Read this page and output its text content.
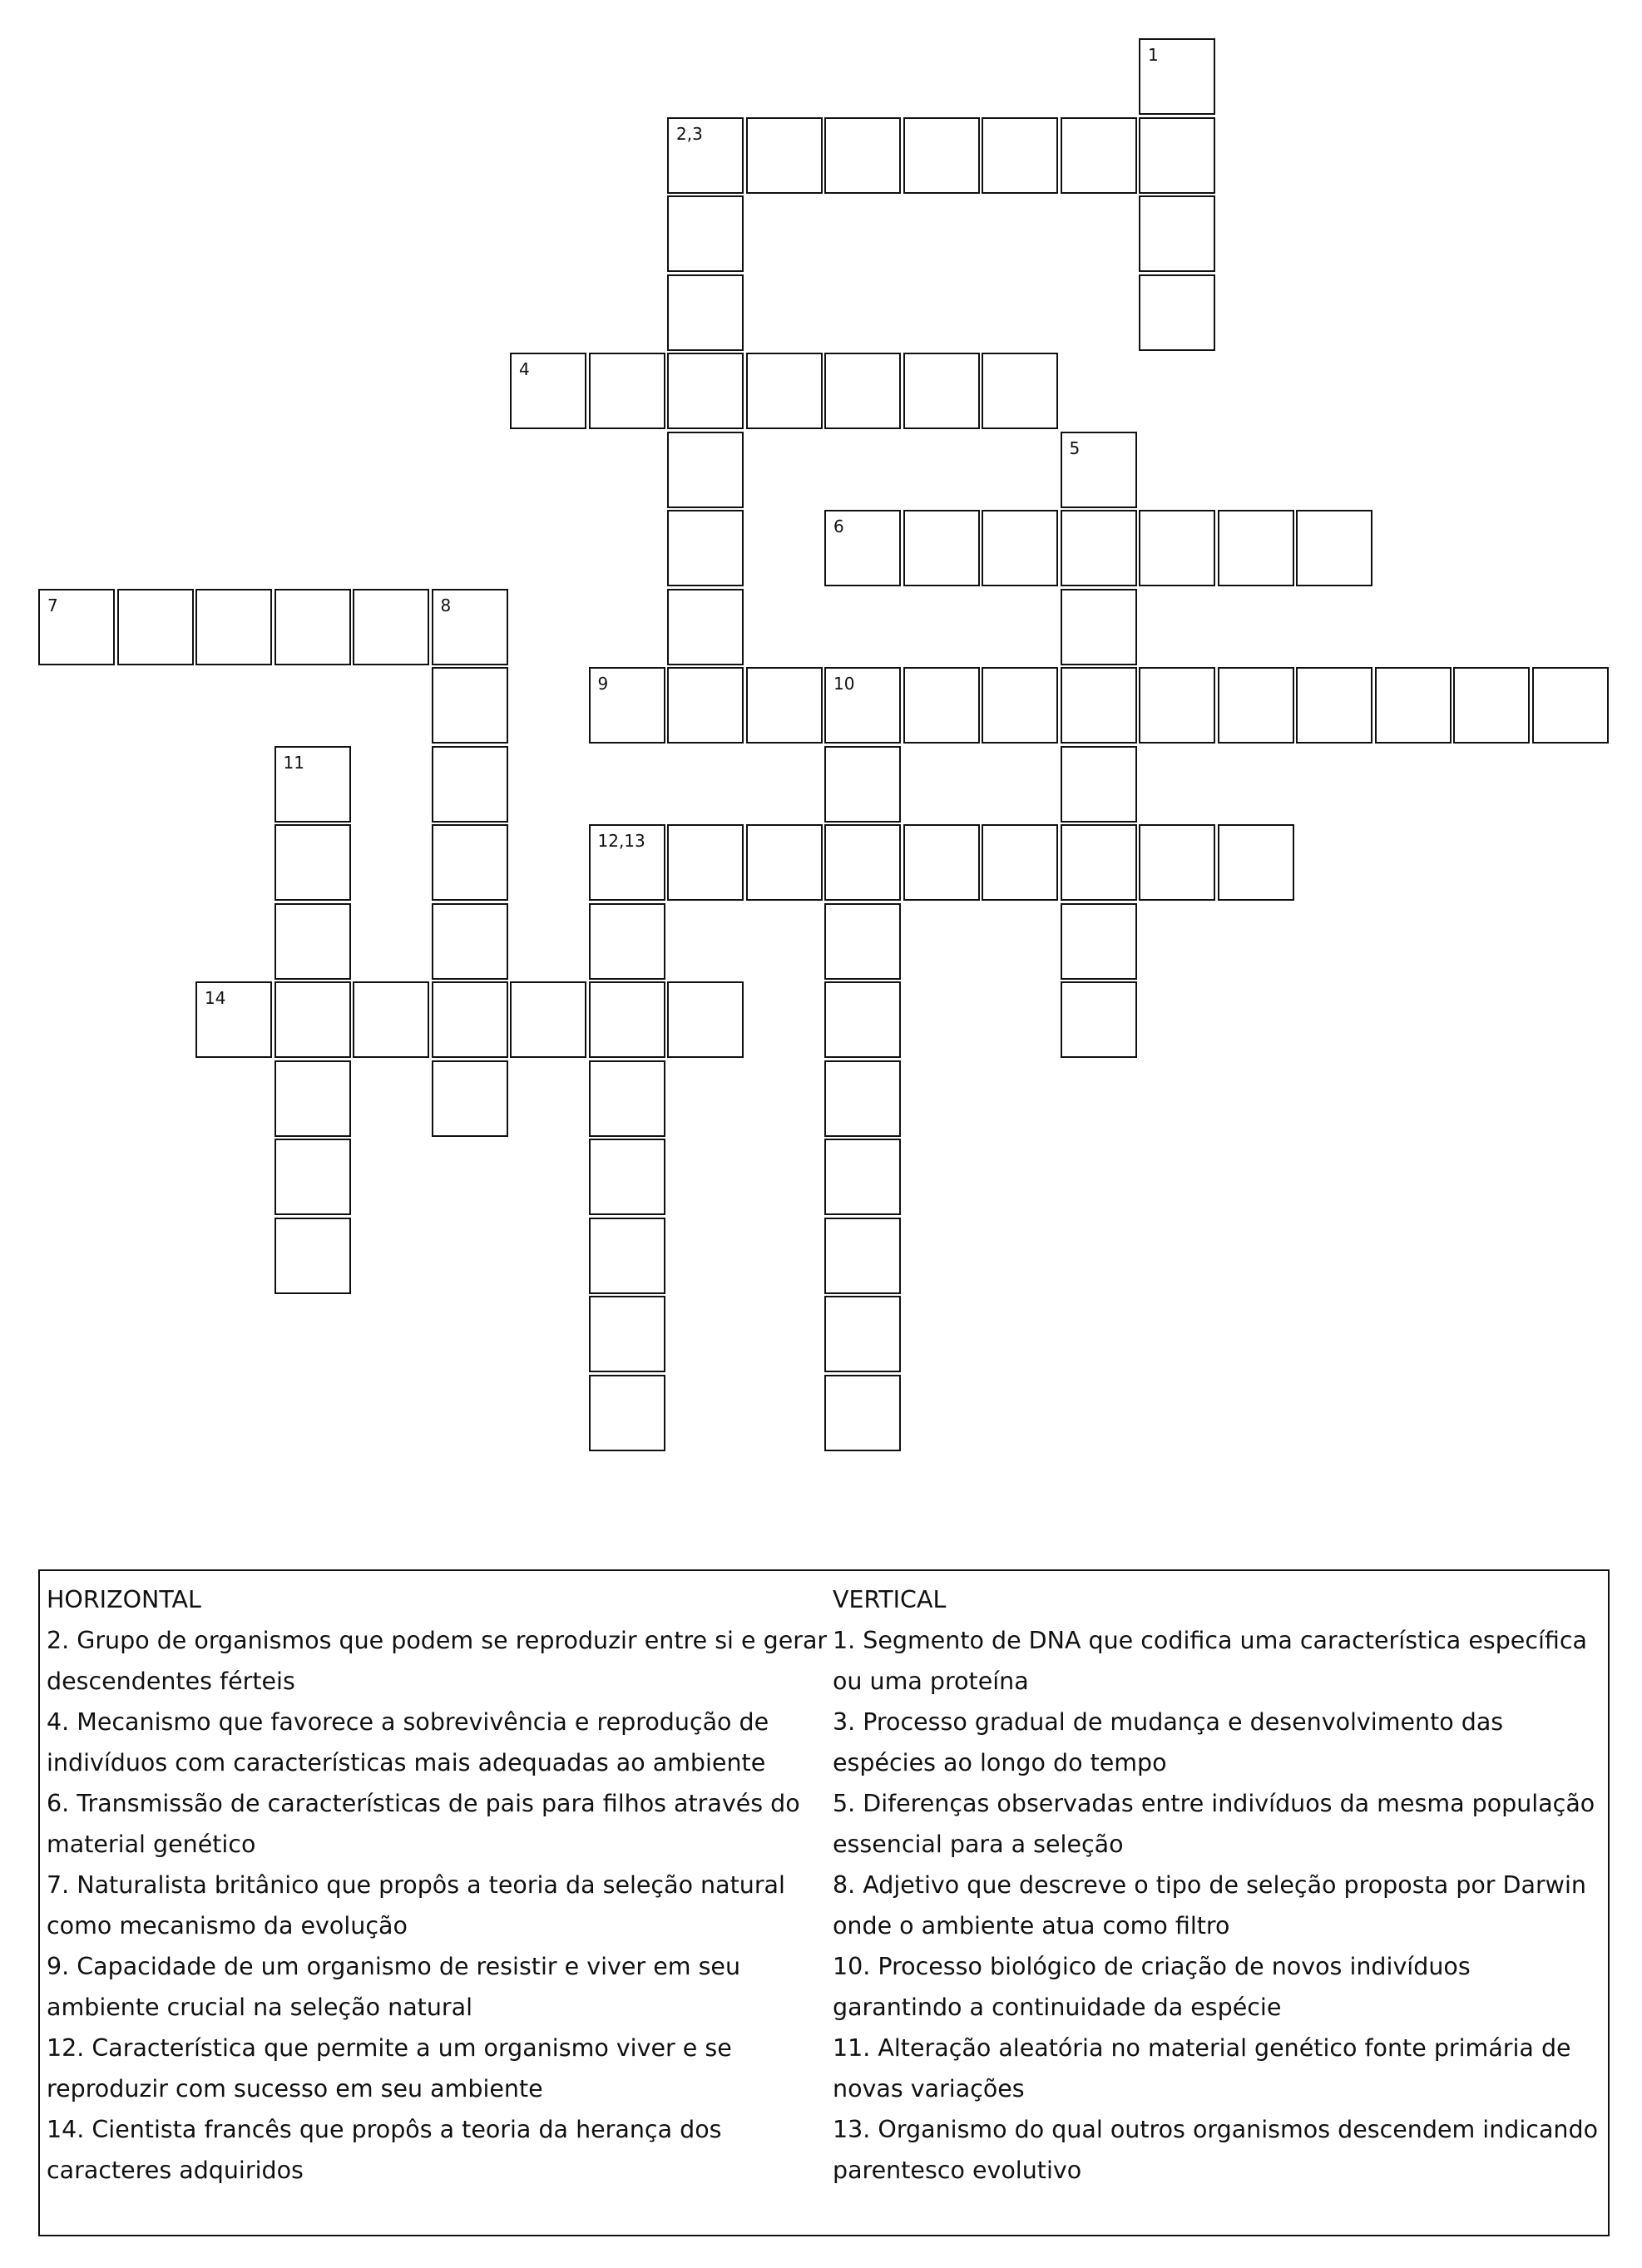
2,3
4
6
7	8
9	10
12,13
14
1
5
11

HORIZONTAL

2. Grupo de organismos que podem se reproduzir entre si e gerar descendentes férteis

4. Mecanismo que favorece a sobrevivência e reprodução de indivíduos com características mais adequadas ao ambiente

6. Transmissão de características de pais para filhos através do material genético

7. Naturalista britânico que propôs a teoria da seleção natural como mecanismo da evolução

9. Capacidade de um organismo de resistir e viver em seu ambiente crucial na seleção natural

12. Característica que permite a um organismo viver e se reproduzir com sucesso em seu ambiente

14. Cientista francês que propôs a teoria da herança dos caracteres adquiridos

VERTICAL

1. Segmento de DNA que codifica uma característica específica ou uma proteína

3. Processo gradual de mudança e desenvolvimento das espécies ao longo do tempo

5. Diferenças observadas entre indivíduos da mesma população essencial para a seleção

8. Adjetivo que descreve o tipo de seleção proposta por Darwin onde o ambiente atua como filtro

10. Processo biológico de criação de novos indivíduos garantindo a continuidade da espécie

11. Alteração aleatória no material genético fonte primária de novas variações

13. Organismo do qual outros organismos descendem indicando parentesco evolutivo
